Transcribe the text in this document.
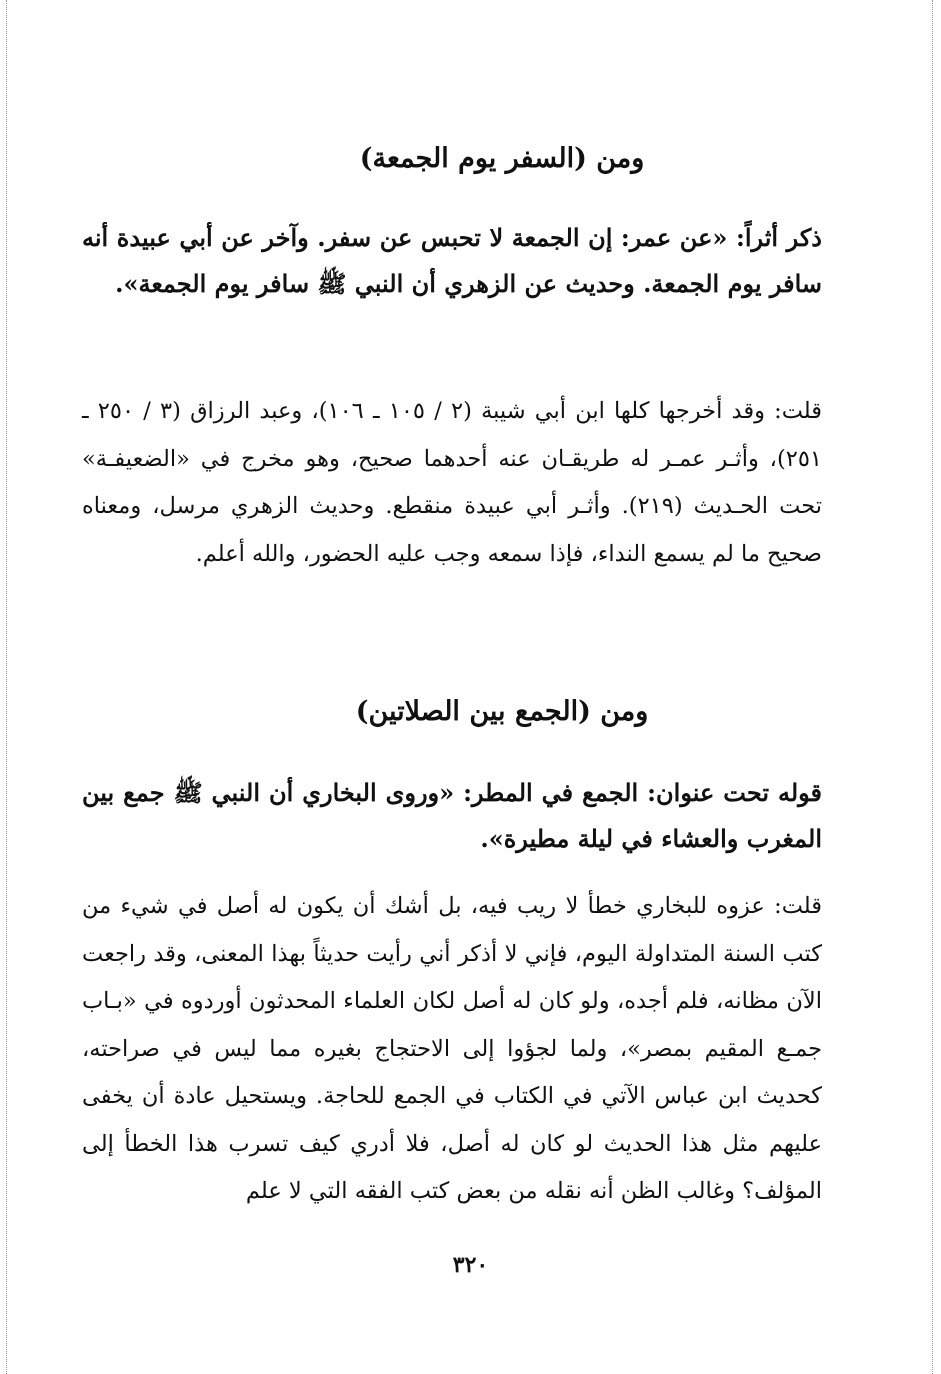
ومن (السفر يوم الجمعة)
ذكر أثراً: «عن عمر: إن الجمعة لا تحبس عن سفر. وآخر عن أبي عبيدة أنه سافر يوم الجمعة. وحديث عن الزهري أن النبي ﷺ سافر يوم الجمعة».
قلت: وقد أخرجها كلها ابن أبي شيبة (٢ / ١٠٥ ـ ١٠٦)، وعبد الرزاق (٣ / ٢٥٠ ـ ٢٥١)، وأثـر عمـر له طريقـان عنه أحدهما صحيح، وهو مخرج في «الضعيفـة» تحت الحـديث (٢١٩). وأثـر أبي عبيدة منقطع. وحديث الزهري مرسل، ومعناه صحيح ما لم يسمع النداء، فإذا سمعه وجب عليه الحضور، والله أعلم.
ومن (الجمع بين الصلاتين)
قوله تحت عنوان: الجمع في المطر: «وروى البخاري أن النبي ﷺ جمع بين المغرب والعشاء في ليلة مطيرة».
قلت: عزوه للبخاري خطأ لا ريب فيه، بل أشك أن يكون له أصل في شيء من كتب السنة المتداولة اليوم، فإني لا أذكر أني رأيت حديثاً بهذا المعنى، وقد راجعت الآن مظانه، فلم أجده، ولو كان له أصل لكان العلماء المحدثون أوردوه في «بـاب جمـع المقيم بمصر»، ولما لجؤوا إلى الاحتجاج بغيره مما ليس في صراحته، كحديث ابن عباس الآتي في الكتاب في الجمع للحاجة. ويستحيل عادة أن يخفى عليهم مثل هذا الحديث لو كان له أصل، فلا أدري كيف تسرب هذا الخطأ إلى المؤلف؟ وغالب الظن أنه نقله من بعض كتب الفقه التي لا علم
٣٢٠
